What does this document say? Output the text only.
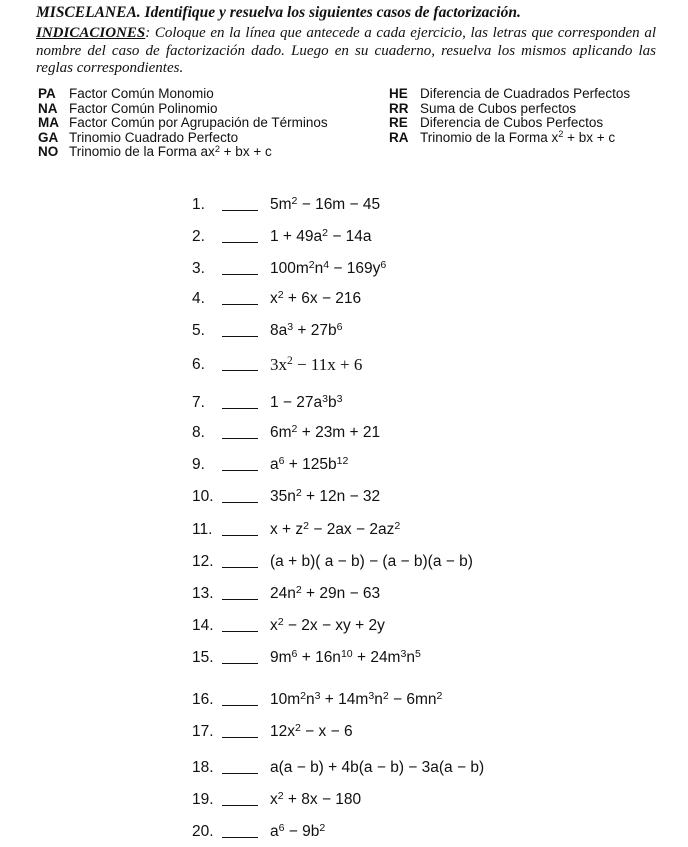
MISCELANEA. Identifique y resuelva los siguientes casos de factorización.
INDICACIONES: Coloque en la línea que antecede a cada ejercicio, las letras que corresponden al nombre del caso de factorización dado. Luego en su cuaderno, resuelva los mismos aplicando las reglas correspondientes.
PA Factor Común Monomio	HE Diferencia de Cuadrados Perfectos
NA Factor Común Polinomio	RR Suma de Cubos perfectos
MA Factor Común por Agrupación de Términos	RE Diferencia de Cubos Perfectos
GA Trinomio Cuadrado Perfecto	RA Trinomio de la Forma $x^2$ + bx + c
NO Trinomio de la Forma $ax^2$ + bx + c
1.	$5m^2 - 16m - 45$
2.	$1 + 49a^2 - 14a$
3.	$100m^2n^4 - 169y^6$
4.	$x^2 + 6x - 216$
5.	$8a^3 + 27b^6$
6.	$3x^2 - 11x + 6$
7.	$1 - 27a^3b^3$
8.	$6m^2 + 23m + 21$
9.	$a^6 + 125b^{12}$
10.	$35n^2 + 12n - 32$
11.	$x + z^2 - 2ax - 2az^2$
12.	(a + b)( a − b) − (a − b)(a − b)
13.	$24n^2 + 29n - 63$
14.	$x^2 - 2x$ − xy + 2y
15.	$9m^6 + 16n^{10} + 24m^3n^5$
16.	$10m^2n^3 + 14m^3n^2 - 6mn^2$
17.	$12x^2 - x - 6$
18.	a(a − b) + 4b(a − b) − 3a(a − b)
19.	$x^2 + 8x - 180$
20.	$a^6 - 9b^2$
